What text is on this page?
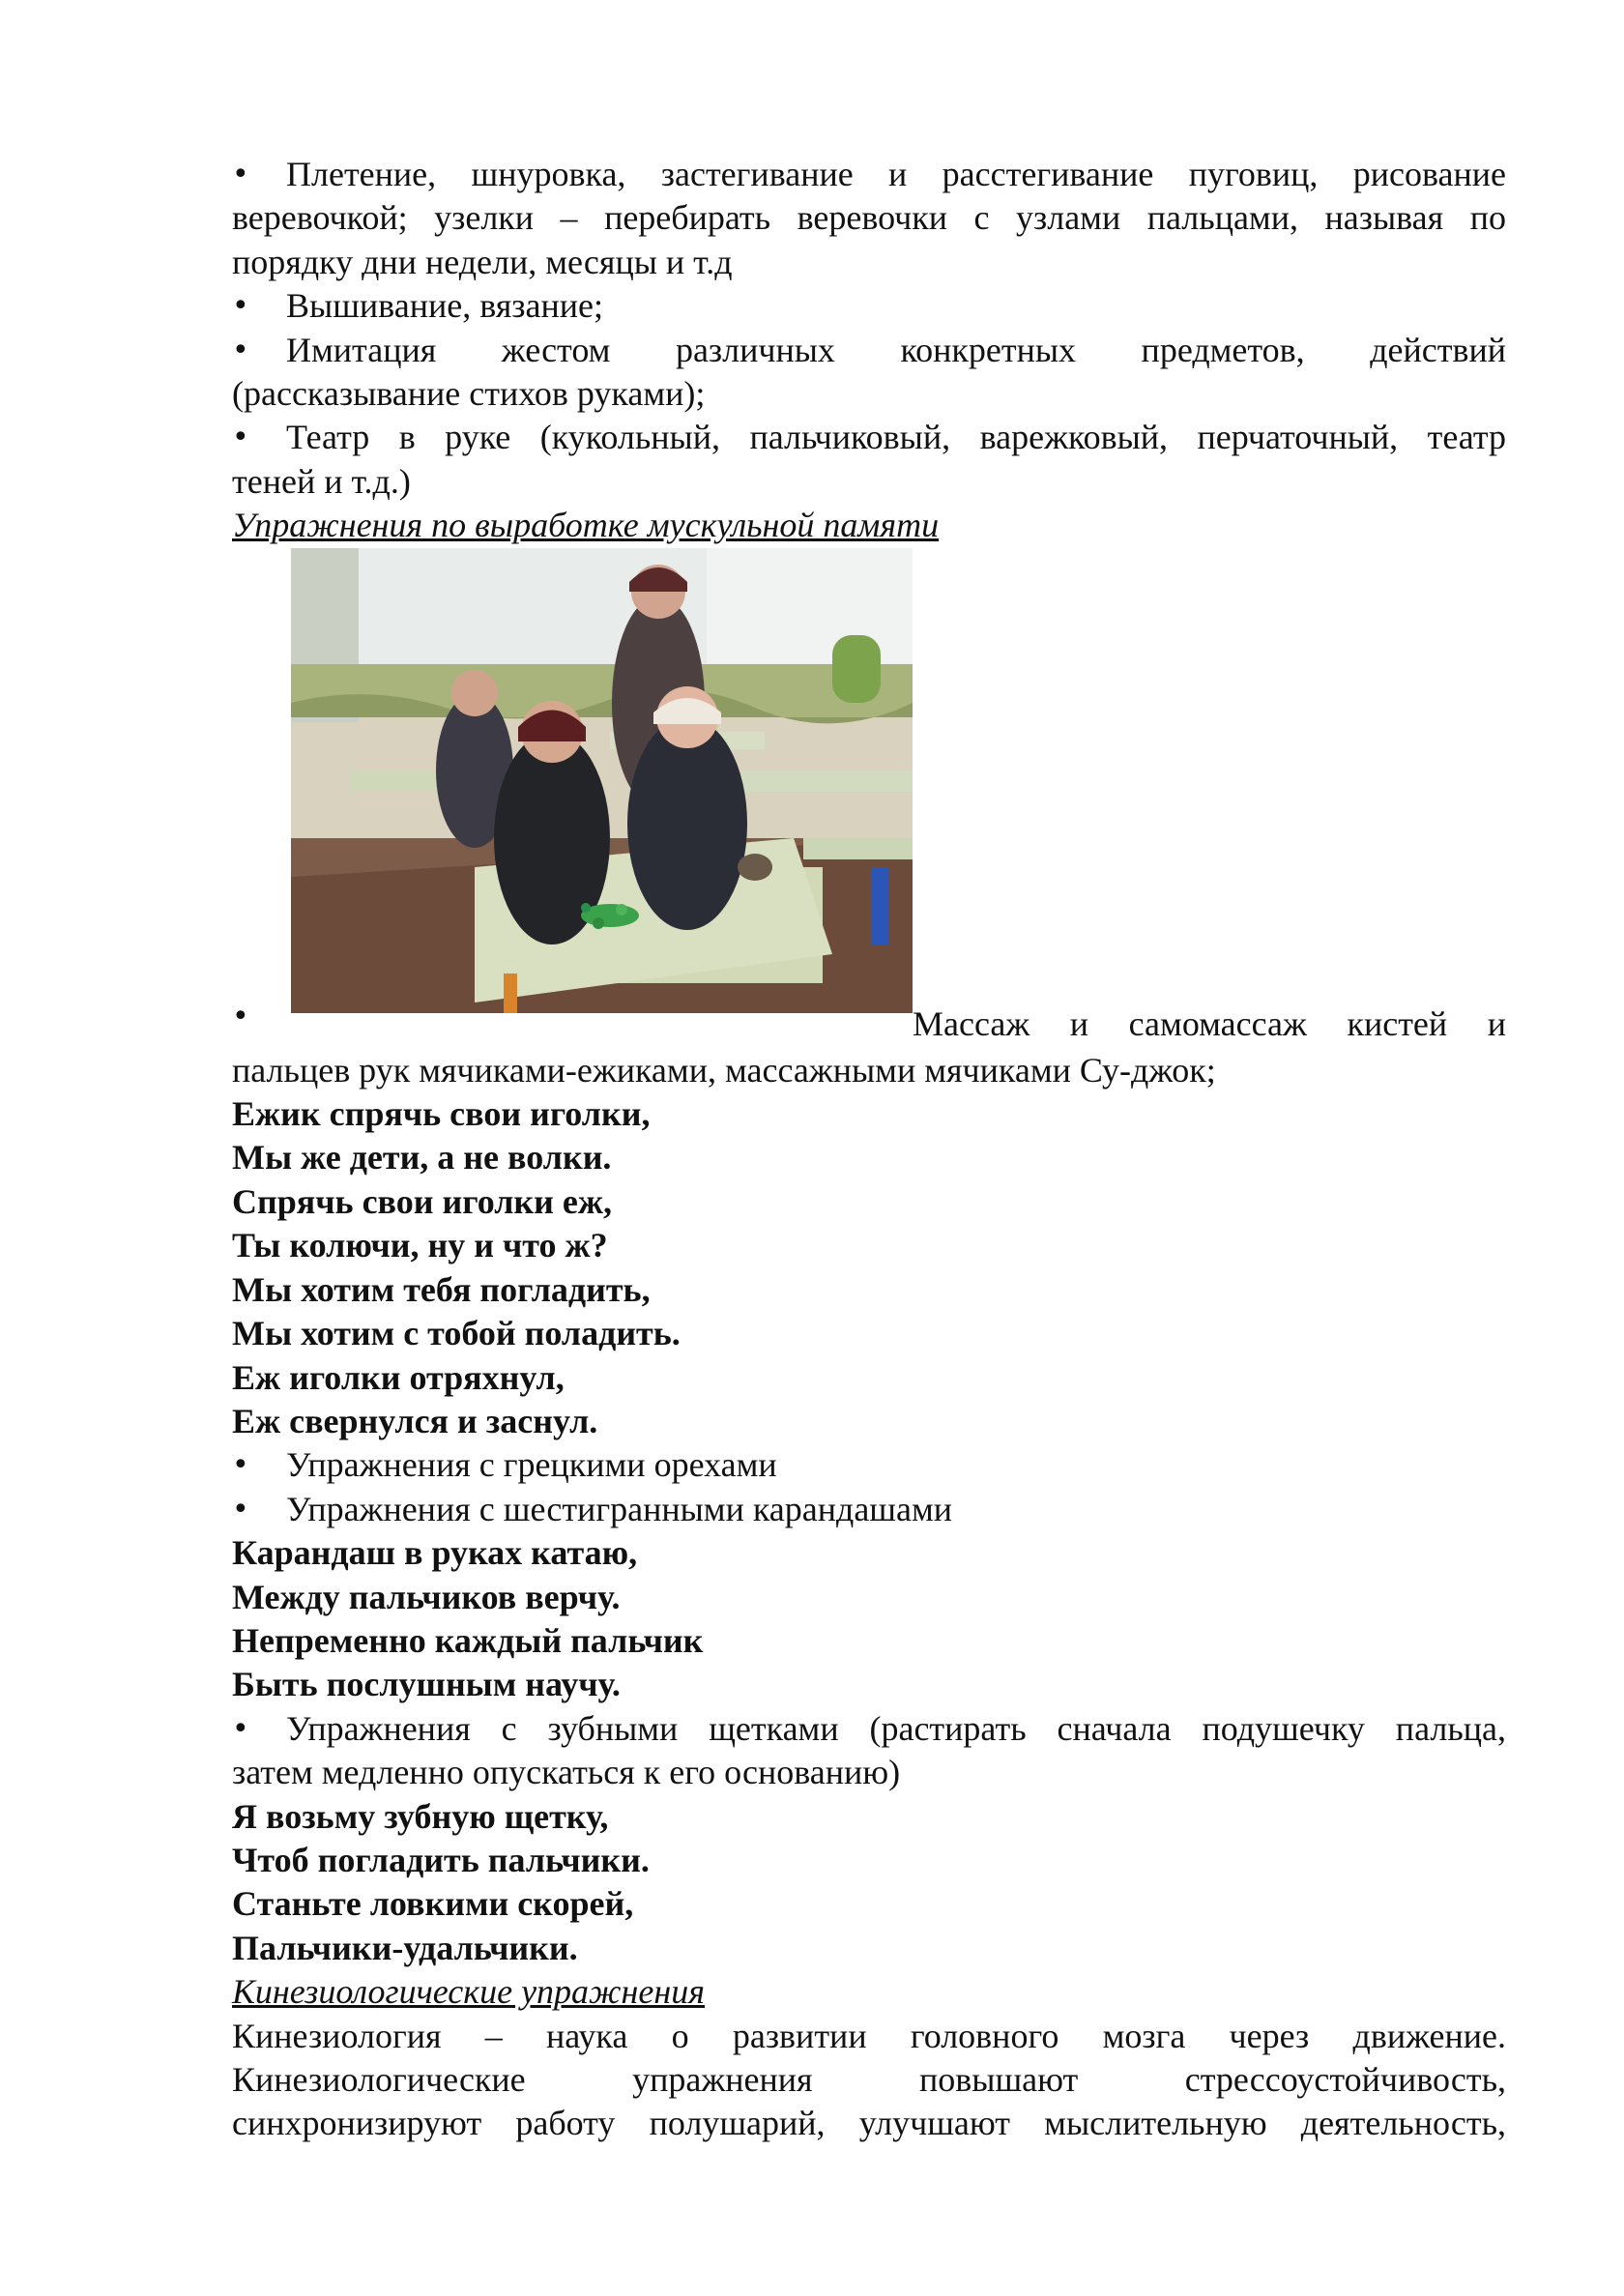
• Плетение, шнуровка, застегивание и расстегивание пуговиц, рисование
веревочкой; узелки – перебирать веревочки с узлами пальцами, называя по
порядку дни недели, месяцы и т.д

• Вышивание, вязание;

• Имитация жестом различных конкретных предметов, действий
(рассказывание стихов руками);

• Театр в руке (кукольный, пальчиковый, варежковый, перчаточный, театр
теней и т.д.)

Упражнения по выработке мускульной памяти

•	Массаж и самомассаж кистей и

пальцев рук мячиками-ежиками, массажными мячиками Су-джок;

Ежик спрячь свои иголки,
Мы же дети, а не волки.
Спрячь свои иголки еж,
Ты колючи, ну и что ж?
Мы хотим тебя погладить,
Мы хотим с тобой поладить.
Еж иголки отряхнул,
Еж свернулся и заснул.

• Упражнения с грецкими орехами

• Упражнения с шестигранными карандашами

Карандаш в руках катаю,
Между пальчиков верчу.
Непременно каждый пальчик
Быть послушным научу.

• Упражнения с зубными щетками (растирать сначала подушечку пальца,
затем медленно опускаться к его основанию)

Я возьму зубную щетку,
Чтоб погладить пальчики.
Станьте ловкими скорей,
Пальчики-удальчики.

Кинезиологические упражнения

Кинезиология – наука о развитии головного мозга через движение.
Кинезиологические упражнения повышают стрессоустойчивость,
синхронизируют работу полушарий, улучшают мыслительную деятельность,
